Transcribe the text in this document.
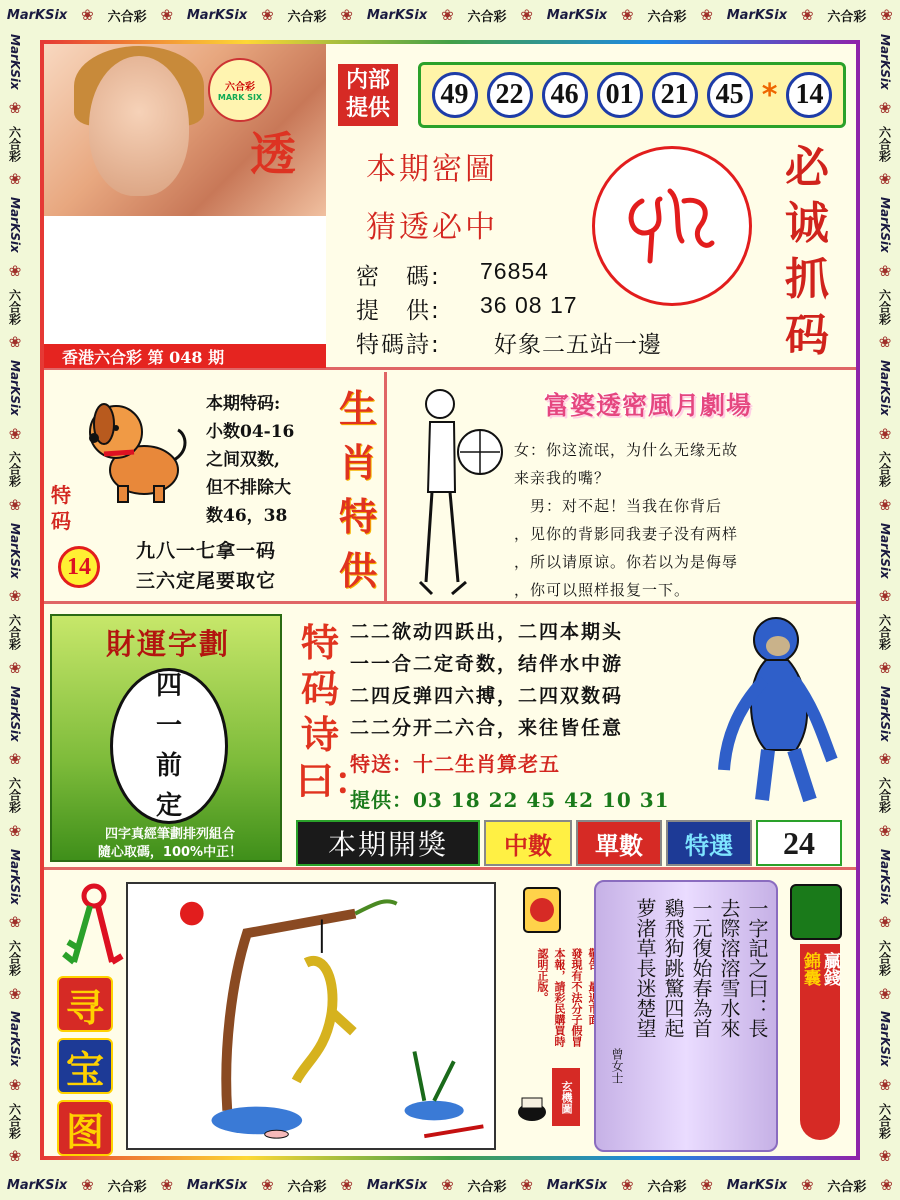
MarKSix ❀ 六合彩 ❀ MarKSix ❀ 六合彩 ❀ MarKSix ❀ 六合彩 ❀ MarKSix ❀ 六合彩 ❀ MarKSix ❀ 六合彩 ❀
MarKSix ❀ 六合彩 ❀ MarKSix ❀ 六合彩 ❀ MarKSix ❀ 六合彩 ❀ MarKSix ❀ 六合彩 ❀ MarKSix ❀ 六合彩 ❀
MarKSix
❀
六合彩
❀
MarKSix
❀
六合彩
❀
MarKSix
❀
六合彩
❀
MarKSix
❀
六合彩
❀
MarKSix
❀
六合彩
❀
MarKSix
❀
六合彩
❀
MarKSix
❀
六合彩
❀
MarKSix
❀
六合彩
❀
MarKSix
❀
六合彩
❀
MarKSix
❀
六合彩
❀
MarKSix
❀
六合彩
❀
MarKSix
❀
六合彩
❀
MarKSix
❀
六合彩
❀
MarKSix
❀
六合彩
❀
六合彩
MARK SIX
透
香港六合彩 第 048 期
内部提供	49 22 46 01 21 45 * 14
本期密圖
猜透必中
密　碼: 76854
提　供: 36 08 17
特碼詩: 好象二五站一邊
必诚抓码
特码
14
本期特码:
小数04-16
之间双数,
但不排除大
数46，38
九八一七拿一码
三六定尾要取它
生肖特供
富婆透密風月劇場
女：你这流氓，为什么无缘无故
来亲我的嘴？
　男：对不起！当我在你背后
，见你的背影同我妻子没有两样
，所以请原谅。你若以为是侮辱
，你可以照样报复一下。
財運字劃
四
一
前
定
四字真經筆劃排列組合
隨心取碼，100%中正！
特码诗曰：
二二欲动四跃出，二四本期头
一一合二定奇数，结伴水中游
二四反弹四六搏，二四双数码
二二分开二六合，来往皆任意
特送：十二生肖算老五
提供：03 18 22 45 42 10 31
本期開獎	中數	單數	特選	24
寻
宝
图
發現有不法分子假冒
本報，請彩民購買時
認明正版。
玄機圖
一字記之曰：長
去際溶溶雪水來
一元復始春為首
鷄飛狗跳驚四起
萝渚草長迷楚望
曾女士
錦囊 贏錢
